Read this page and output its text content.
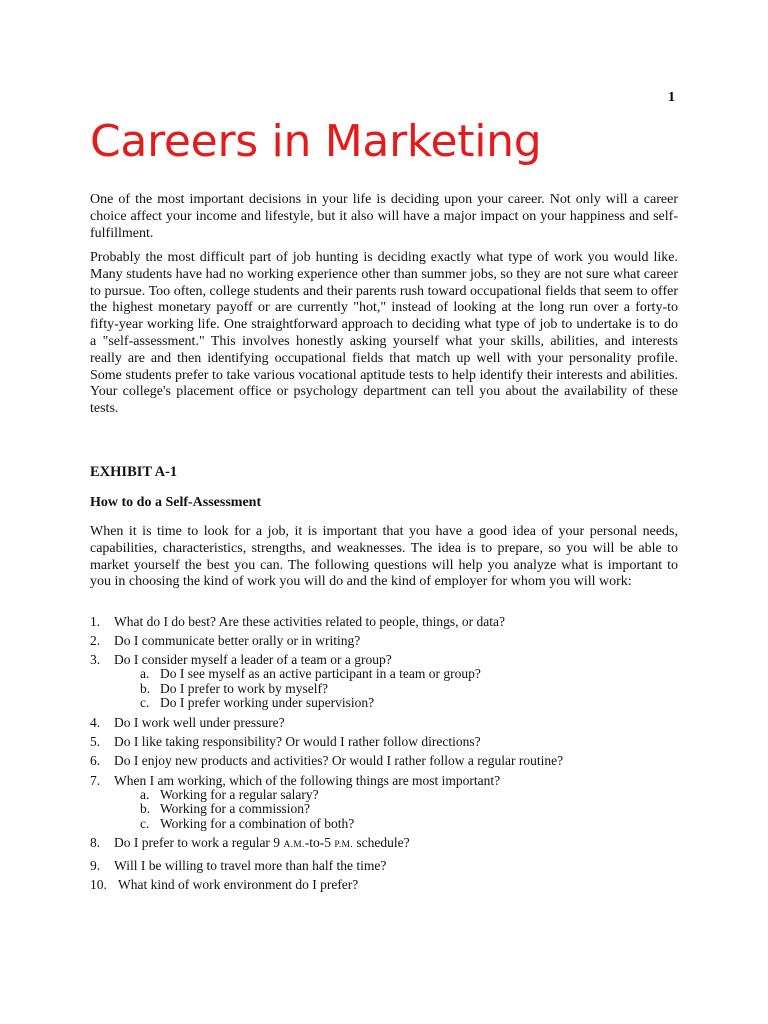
1
Careers in Marketing

One of the most important decisions in your life is deciding upon your career. Not only will a career choice affect your income and lifestyle, but it also will have a major impact on your happiness and self-fulfillment.

Probably the most difficult part of job hunting is deciding exactly what type of work you would like. Many students have had no working experience other than summer jobs, so they are not sure what career to pursue. Too often, college students and their parents rush toward occupational fields that seem to offer the highest monetary payoff or are currently "hot," instead of looking at the long run over a forty-to fifty-year working life. One straightforward approach to deciding what type of job to undertake is to do a "self-assessment." This involves honestly asking yourself what your skills, abilities, and interests really are and then identifying occupational fields that match up well with your personality profile. Some students prefer to take various vocational aptitude tests to help identify their interests and abilities. Your college's placement office or psychology department can tell you about the availability of these tests.

EXHIBIT A-1
How to do a Self-Assessment

When it is time to look for a job, it is important that you have a good idea of your personal needs, capabilities, characteristics, strengths, and weaknesses. The idea is to prepare, so you will be able to market yourself the best you can. The following questions will help you analyze what is important to you in choosing the kind of work you will do and the kind of employer for whom you will work:

1. What do I do best? Are these activities related to people, things, or data?
2. Do I communicate better orally or in writing?
3. Do I consider myself a leader of a team or a group?
a. Do I see myself as an active participant in a team or group?
b. Do I prefer to work by myself?
c. Do I prefer working under supervision?
4. Do I work well under pressure?
5. Do I like taking responsibility? Or would I rather follow directions?
6. Do I enjoy new products and activities? Or would I rather follow a regular routine?
7. When I am working, which of the following things are most important?
a. Working for a regular salary?
b. Working for a commission?
c. Working for a combination of both?
8. Do I prefer to work a regular 9 A.M.-to-5 P.M. schedule?
9. Will I be willing to travel more than half the time?
10. What kind of work environment do I prefer?
